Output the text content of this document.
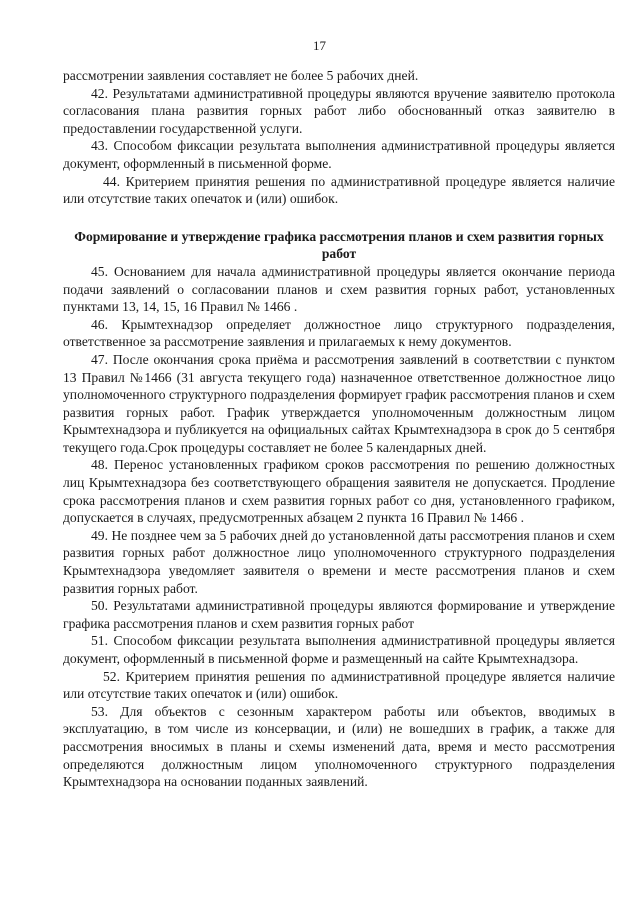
17

рассмотрении заявления составляет не более 5 рабочих дней.

42. Результатами административной процедуры являются вручение заявителю протокола согласования плана развития горных работ либо обоснованный отказ заявителю в предоставлении государственной услуги.

43. Способом фиксации результата выполнения административной процедуры является документ, оформленный в письменной форме.

44. Критерием принятия решения по административной процедуре является наличие или отсутствие таких опечаток и (или) ошибок.

Формирование и утверждение графика рассмотрения планов и схем развития горных работ

45. Основанием для начала административной процедуры является окончание периода подачи заявлений о согласовании планов и схем развития горных работ, установленных пунктами 13, 14, 15, 16 Правил № 1466 .

46. Крымтехнадзор определяет должностное лицо структурного подразделения, ответственное за рассмотрение заявления и прилагаемых к нему документов.

47. После окончания срока приёма и рассмотрения заявлений в соответствии с пунктом 13 Правил №1466 (31 августа текущего года) назначенное ответственное должностное лицо уполномоченного структурного подразделения формирует график рассмотрения планов и схем развития горных работ. График утверждается уполномоченным должностным лицом Крымтехнадзора и публикуется на официальных сайтах Крымтехнадзора в срок до 5 сентября текущего года.Срок процедуры составляет не более 5 календарных дней.

48. Перенос установленных графиком сроков рассмотрения по решению должностных лиц Крымтехнадзора без соответствующего обращения заявителя не допускается. Продление срока рассмотрения планов и схем развития горных работ со дня, установленного графиком, допускается в случаях, предусмотренных абзацем 2 пункта 16 Правил № 1466 .

49. Не позднее чем за 5 рабочих дней до установленной даты рассмотрения планов и схем развития горных работ должностное лицо уполномоченного структурного подразделения Крымтехнадзора уведомляет заявителя о времени и месте рассмотрения планов и схем развития горных работ.

50. Результатами административной процедуры являются формирование и утверждение графика рассмотрения планов и схем развития горных работ

51. Способом фиксации результата выполнения административной процедуры является документ, оформленный в письменной форме и размещенный на сайте Крымтехнадзора.

52. Критерием принятия решения по административной процедуре является наличие или отсутствие таких опечаток и (или) ошибок.

53. Для объектов с сезонным характером работы или объектов, вводимых в эксплуатацию, в том числе из консервации, и (или) не вошедших в график, а также для рассмотрения вносимых в планы и схемы изменений дата, время и место рассмотрения определяются должностным лицом уполномоченного структурного подразделения Крымтехнадзора на основании поданных заявлений.
